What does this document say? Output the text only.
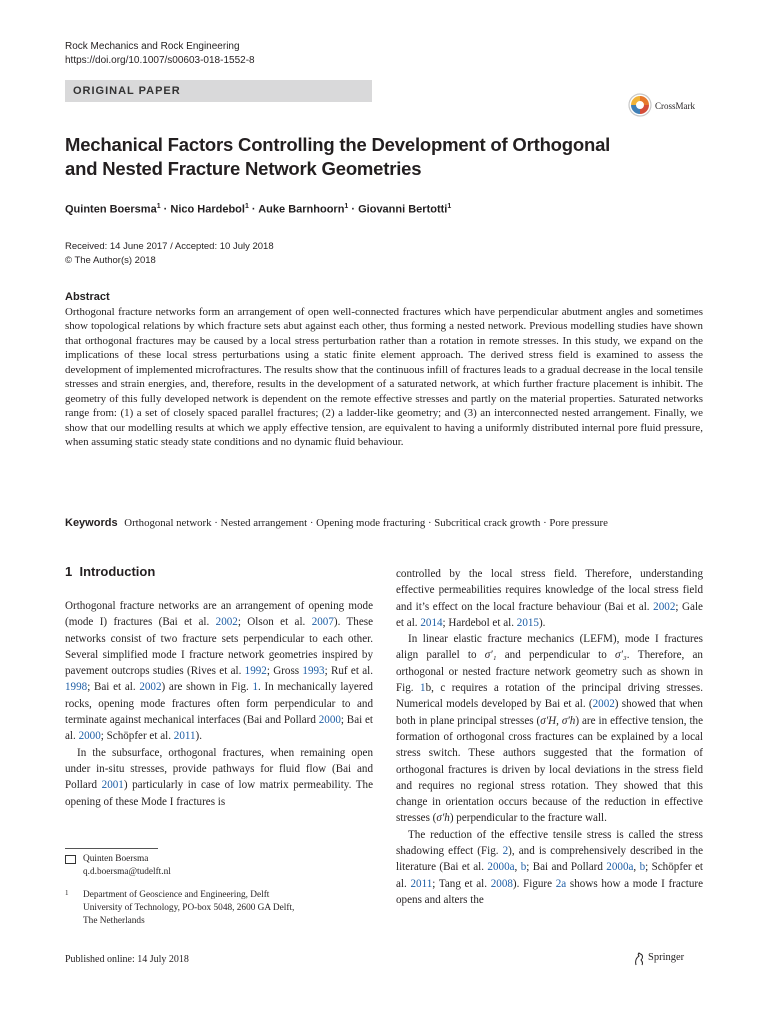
Rock Mechanics and Rock Engineering
https://doi.org/10.1007/s00603-018-1552-8
ORIGINAL PAPER
CrossMark
Mechanical Factors Controlling the Development of Orthogonal
and Nested Fracture Network Geometries
Quinten Boersma$^1$ · Nico Hardebol$^1$ · Auke Barnhoorn$^1$ · Giovanni Bertotti$^1$
Received: 14 June 2017 / Accepted: 10 July 2018
© The Author(s) 2018
Abstract
Orthogonal fracture networks form an arrangement of open well-connected fractures which have perpendicular abutment angles and sometimes show topological relations by which fracture sets abut against each other, thus forming a nested network. Previous modelling studies have shown that orthogonal fractures may be caused by a local stress perturbation rather than a rotation in remote stresses. In this study, we expand on the implications of these local stress perturbations using a static finite element approach. The derived stress field is examined to assess the development of implemented microfractures. The results show that the continuous infill of fractures leads to a gradual decrease in the local tensile stresses and strain energies, and, therefore, results in the development of a saturated network, at which further fracture placement is inhibit. The geometry of this fully developed network is dependent on the remote effective stresses and partly on the material properties. Saturated networks range from: (1) a set of closely spaced parallel fractures; (2) a ladder-like geometry; and (3) an interconnected nested arrangement. Finally, we show that our modelling results at which we apply effective tension, are equivalent to having a uniformly distributed internal pore fluid pressure, when assuming static steady state conditions and no dynamic fluid behaviour.
Keywords Orthogonal network · Nested arrangement · Opening mode fracturing · Subcritical crack growth · Pore pressure
1 Introduction

Orthogonal fracture networks are an arrangement of opening mode (mode I) fractures (Bai et al. 2002; Olson et al. 2007). These networks consist of two fracture sets perpendicular to each other. Several simplified mode I fracture network geometries inspired by pavement outcrops studies (Rives et al. 1992; Gross 1993; Ruf et al. 1998; Bai et al. 2002) are shown in Fig. 1. In mechanically layered rocks, opening mode fractures often form perpendicular to and terminate against mechanical interfaces (Bai and Pollard 2000; Bai et al. 2000; Schöpfer et al. 2011).

In the subsurface, orthogonal fractures, when remaining open under in-situ stresses, provide pathways for fluid flow (Bai and Pollard 2001) particularly in case of low matrix permeability. The opening of these Mode I fractures is

controlled by the local stress field. Therefore, understanding effective permeabilities requires knowledge of the local stress field and it’s effect on the local fracture behaviour (Bai et al. 2002; Gale et al. 2014; Hardebol et al. 2015).

In linear elastic fracture mechanics (LEFM), mode I fractures align parallel to σ′₁ and perpendicular to σ′₃. Therefore, an orthogonal or nested fracture network geometry such as shown in Fig. 1b, c requires a rotation of the principal driving stresses. Numerical models developed by Bai et al. (2002) showed that when both in plane principal stresses (σ′H, σ′h) are in effective tension, the formation of orthogonal cross fractures can be explained by a local stress switch. These authors suggested that the formation of orthogonal fractures is driven by local deviations in the stress field and requires no regional stress rotation. They showed that this change in orientation occurs because of the reduction in effective stresses (σ′h) perpendicular to the fracture wall.

The reduction of the effective tensile stress is called the stress shadowing effect (Fig. 2), and is comprehensively described in the literature (Bai et al. 2000a, b; Bai and Pollard 2000a, b; Schöpfer et al. 2011; Tang et al. 2008). Figure 2a shows how a mode I fracture opens and alters the

Quinten Boersma
q.d.boersma@tudelft.nl
1 Department of Geoscience and Engineering, Delft
University of Technology, PO-box 5048, 2600 GA Delft,
The Netherlands
Published online: 14 July 2018	Springer
